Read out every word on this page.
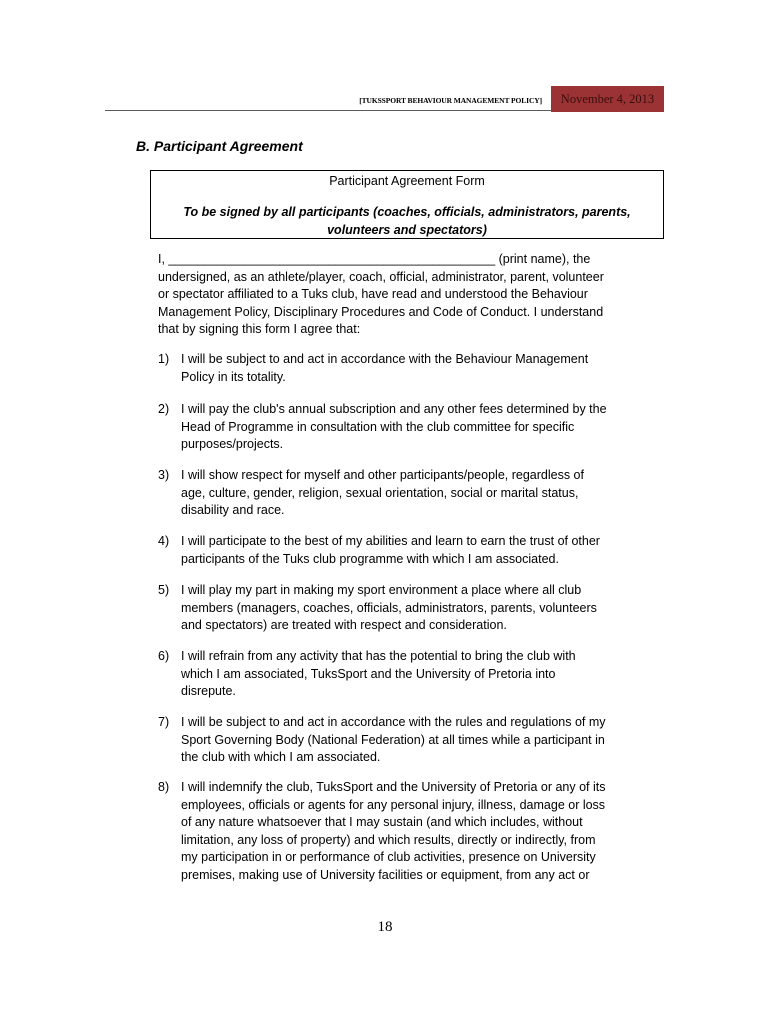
[TUKSSPORT BEHAVIOUR MANAGEMENT POLICY]	November 4, 2013
B. Participant Agreement
Participant Agreement Form
To be signed by all participants (coaches, officials, administrators, parents,
volunteers and spectators)

I, _______________________________________________ (print name), the

undersigned, as an athlete/player, coach, official, administrator, parent, volunteer

or spectator affiliated to a Tuks club, have read and understood the Behaviour

Management Policy, Disciplinary Procedures and Code of Conduct. I understand

that by signing this form I agree that:

1) I will be subject to and act in accordance with the Behaviour Management

Policy in its totality.

2) I will pay the club's annual subscription and any other fees determined by the

Head of Programme in consultation with the club committee for specific

purposes/projects.

3) I will show respect for myself and other participants/people, regardless of

age, culture, gender, religion, sexual orientation, social or marital status,

disability and race.

4) I will participate to the best of my abilities and learn to earn the trust of other

participants of the Tuks club programme with which I am associated.

5) I will play my part in making my sport environment a place where all club

members (managers, coaches, officials, administrators, parents, volunteers

and spectators) are treated with respect and consideration.

6) I will refrain from any activity that has the potential to bring the club with

which I am associated, TuksSport and the University of Pretoria into

disrepute.

7) I will be subject to and act in accordance with the rules and regulations of my

Sport Governing Body (National Federation) at all times while a participant in

the club with which I am associated.

8) I will indemnify the club, TuksSport and the University of Pretoria or any of its

employees, officials or agents for any personal injury, illness, damage or loss

of any nature whatsoever that I may sustain (and which includes, without

limitation, any loss of property) and which results, directly or indirectly, from

my participation in or performance of club activities, presence on University

premises, making use of University facilities or equipment, from any act or

18
